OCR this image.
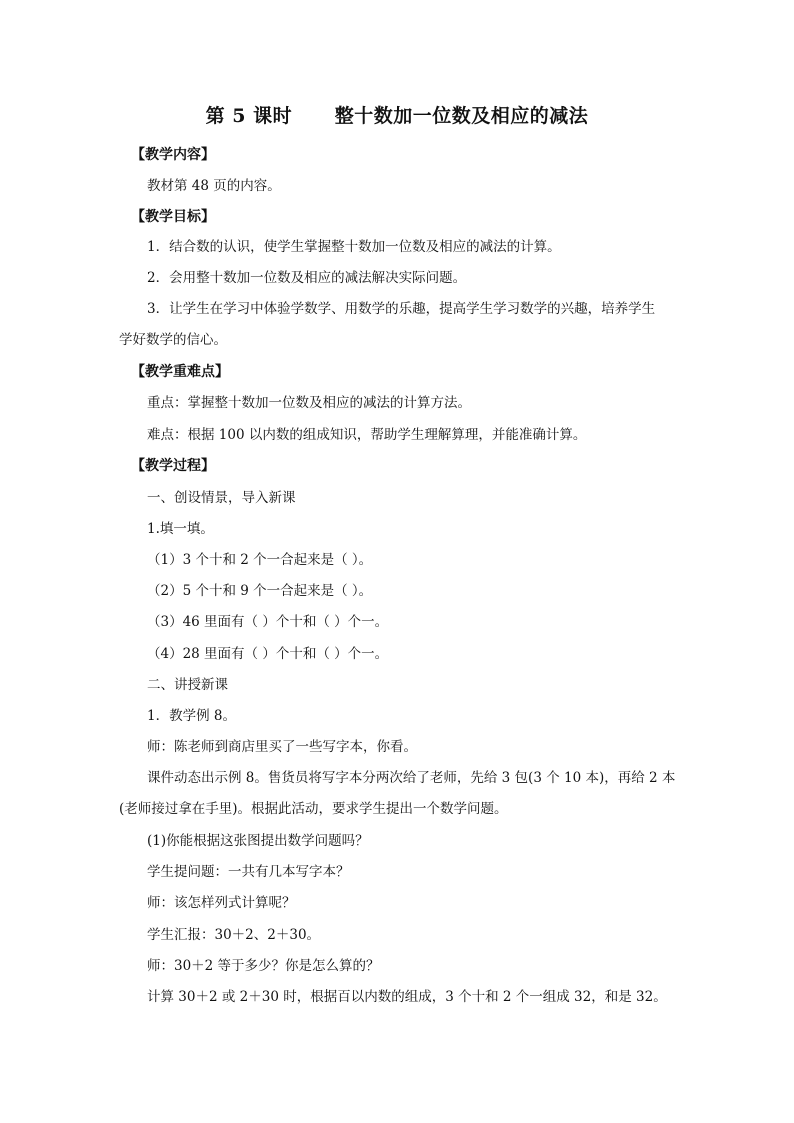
第 5 课时      整十数加一位数及相应的减法
【教学内容】
教材第 48 页的内容。
【教学目标】
1．结合数的认识，使学生掌握整十数加一位数及相应的减法的计算。
2．会用整十数加一位数及相应的减法解决实际问题。
3．让学生在学习中体验学数学、用数学的乐趣，提高学生学习数学的兴趣，培养学生
学好数学的信心。
【教学重难点】
重点：掌握整十数加一位数及相应的减法的计算方法。
难点：根据 100 以内数的组成知识，帮助学生理解算理，并能准确计算。
【教学过程】
一、创设情景，导入新课
1.填一填。
（1）3 个十和 2 个一合起来是（ ）。
（2）5 个十和 9 个一合起来是（ ）。
（3）46 里面有（ ）个十和（ ）个一。
（4）28 里面有（ ）个十和（ ）个一。
二、讲授新课
1．教学例 8。
师：陈老师到商店里买了一些写字本，你看。
课件动态出示例 8。售货员将写字本分两次给了老师，先给 3 包(3 个 10 本)，再给 2 本
(老师接过拿在手里)。根据此活动，要求学生提出一个数学问题。
(1)你能根据这张图提出数学问题吗？
学生提问题：一共有几本写字本？
师：该怎样列式计算呢？
学生汇报：30＋2、2＋30。
师：30＋2 等于多少？你是怎么算的？
计算 30＋2 或 2＋30 时，根据百以内数的组成，3 个十和 2 个一组成 32，和是 32。
